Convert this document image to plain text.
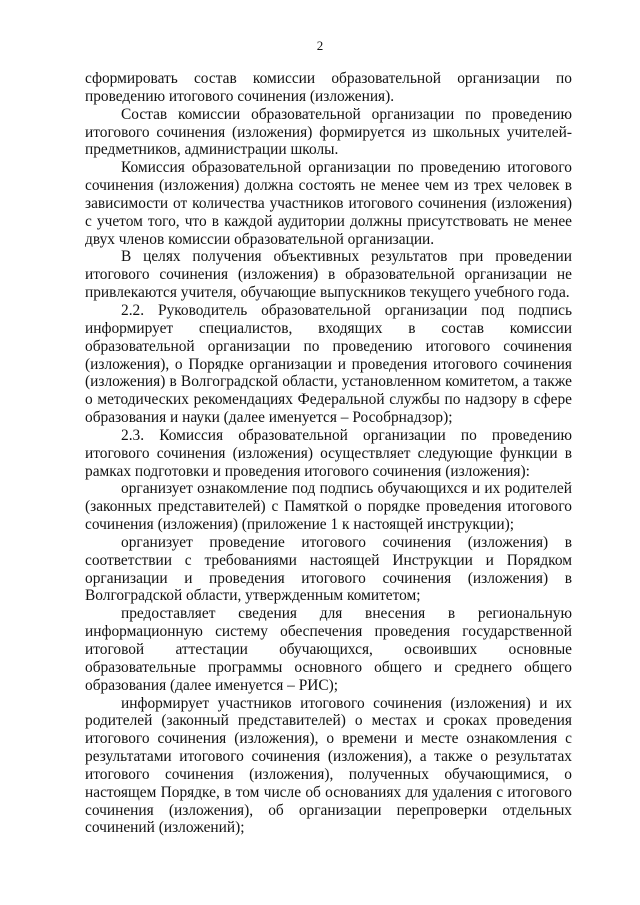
2

сформировать состав комиссии образовательной организации по проведению итогового сочинения (изложения).

Состав комиссии образовательной организации по проведению итогового сочинения (изложения) формируется из школьных учителей-предметников, администрации школы.

Комиссия образовательной организации по проведению итогового сочинения (изложения) должна состоять не менее чем из трех человек в зависимости от количества участников итогового сочинения (изложения) с учетом того, что в каждой аудитории должны присутствовать не менее двух членов комиссии образовательной организации.

В целях получения объективных результатов при проведении итогового сочинения (изложения) в образовательной организации не привлекаются учителя, обучающие выпускников текущего учебного года.

2.2. Руководитель образовательной организации под подпись информирует специалистов, входящих в состав комиссии образовательной организации по проведению итогового сочинения (изложения), о Порядке организации и проведения итогового сочинения (изложения) в Волгоградской области, установленном комитетом, а также о методических рекомендациях Федеральной службы по надзору в сфере образования и науки (далее именуется – Рособрнадзор);

2.3. Комиссия образовательной организации по проведению итогового сочинения (изложения) осуществляет следующие функции в рамках подготовки и проведения итогового сочинения (изложения):

организует ознакомление под подпись обучающихся и их родителей (законных представителей) с Памяткой о порядке проведения итогового сочинения (изложения) (приложение 1 к настоящей инструкции);

организует проведение итогового сочинения (изложения) в соответствии с требованиями настоящей Инструкции и Порядком организации и проведения итогового сочинения (изложения) в Волгоградской области, утвержденным комитетом;

предоставляет сведения для внесения в региональную информационную систему обеспечения проведения государственной итоговой аттестации обучающихся, освоивших основные образовательные программы основного общего и среднего общего образования (далее именуется – РИС);

информирует участников итогового сочинения (изложения) и их родителей (законный представителей) о местах и сроках проведения итогового сочинения (изложения), о времени и месте ознакомления с результатами итогового сочинения (изложения), а также о результатах итогового сочинения (изложения), полученных обучающимися, о настоящем Порядке, в том числе об основаниях для удаления с итогового сочинения (изложения), об организации перепроверки отдельных сочинений (изложений);
